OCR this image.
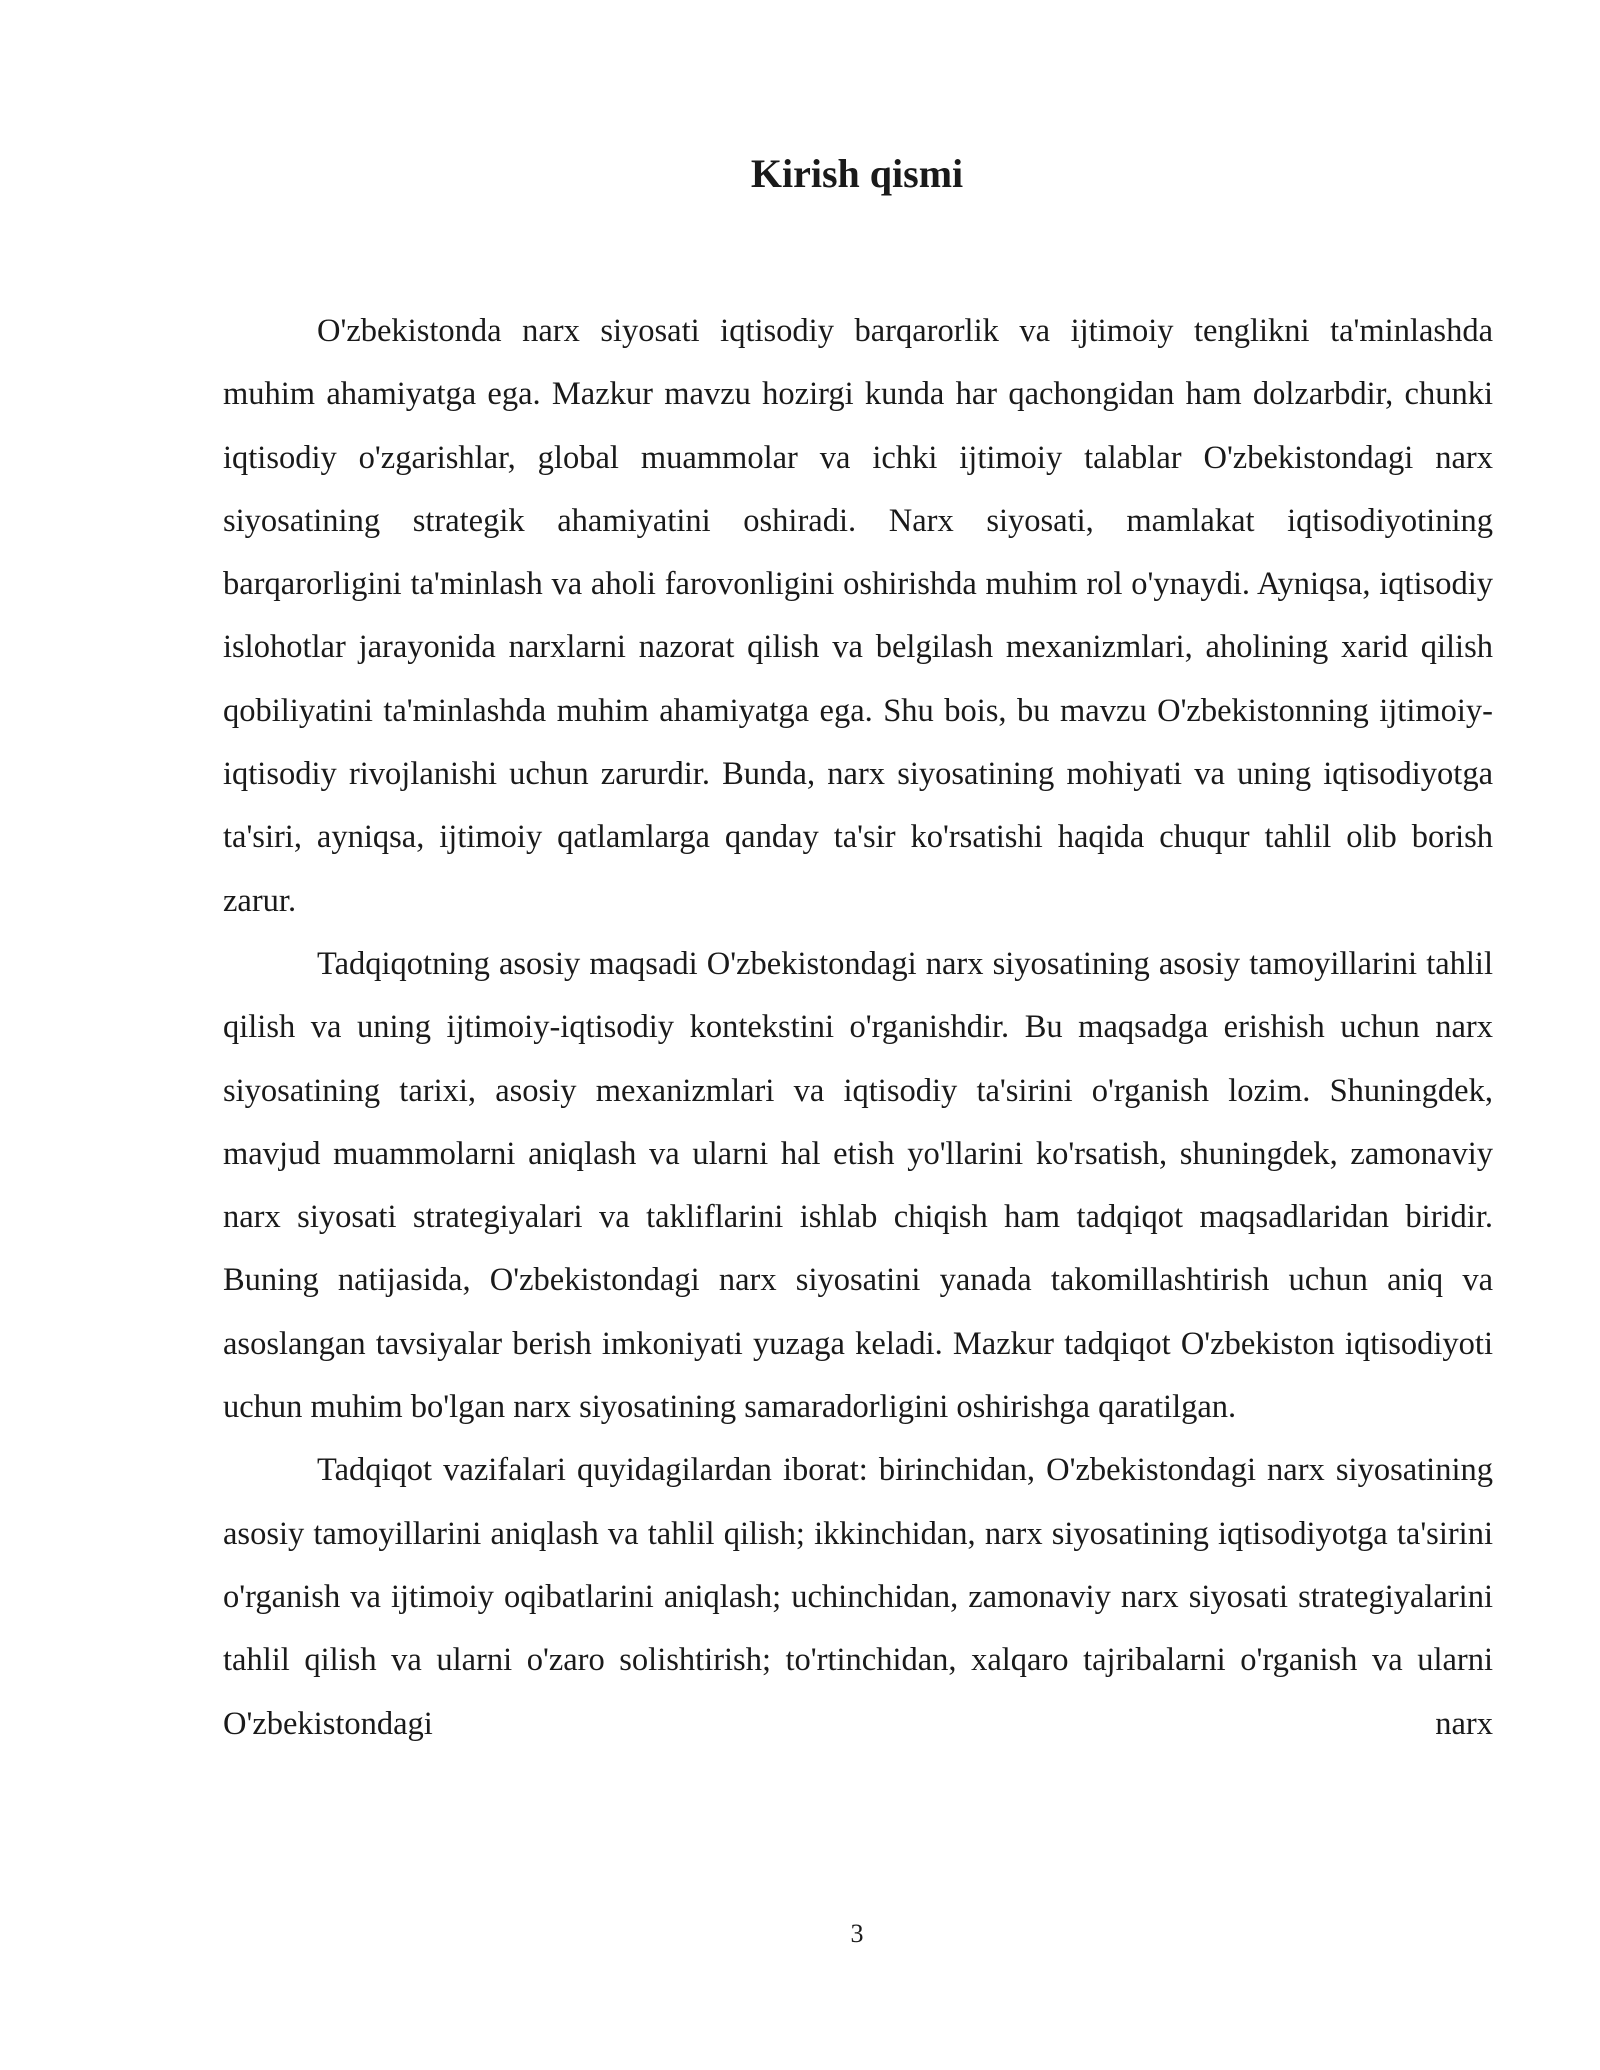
Kirish qismi

O'zbekistonda narx siyosati iqtisodiy barqarorlik va ijtimoiy tenglikni ta'minlashda muhim ahamiyatga ega. Mazkur mavzu hozirgi kunda har qachongidan ham dolzarbdir, chunki iqtisodiy o'zgarishlar, global muammolar va ichki ijtimoiy talablar O'zbekistondagi narx siyosatining strategik ahamiyatini oshiradi. Narx siyosati, mamlakat iqtisodiyotining barqarorligini ta'minlash va aholi farovonligini oshirishda muhim rol o'ynaydi. Ayniqsa, iqtisodiy islohotlar jarayonida narxlarni nazorat qilish va belgilash mexanizmlari, aholining xarid qilish qobiliyatini ta'minlashda muhim ahamiyatga ega. Shu bois, bu mavzu O'zbekistonning ijtimoiy-iqtisodiy rivojlanishi uchun zarurdir. Bunda, narx siyosatining mohiyati va uning iqtisodiyotga ta'siri, ayniqsa, ijtimoiy qatlamlarga qanday ta'sir ko'rsatishi haqida chuqur tahlil olib borish zarur.

Tadqiqotning asosiy maqsadi O'zbekistondagi narx siyosatining asosiy tamoyillarini tahlil qilish va uning ijtimoiy-iqtisodiy kontekstini o'rganishdir. Bu maqsadga erishish uchun narx siyosatining tarixi, asosiy mexanizmlari va iqtisodiy ta'sirini o'rganish lozim. Shuningdek, mavjud muammolarni aniqlash va ularni hal etish yo'llarini ko'rsatish, shuningdek, zamonaviy narx siyosati strategiyalari va takliflarini ishlab chiqish ham tadqiqot maqsadlaridan biridir. Buning natijasida, O'zbekistondagi narx siyosatini yanada takomillashtirish uchun aniq va asoslangan tavsiyalar berish imkoniyati yuzaga keladi. Mazkur tadqiqot O'zbekiston iqtisodiyoti uchun muhim bo'lgan narx siyosatining samaradorligini oshirishga qaratilgan.

Tadqiqot vazifalari quyidagilardan iborat: birinchidan, O'zbekistondagi narx siyosatining asosiy tamoyillarini aniqlash va tahlil qilish; ikkinchidan, narx siyosatining iqtisodiyotga ta'sirini o'rganish va ijtimoiy oqibatlarini aniqlash; uchinchidan, zamonaviy narx siyosati strategiyalarini tahlil qilish va ularni o'zaro solishtirish; to'rtinchidan, xalqaro tajribalarni o'rganish va ularni O'zbekistondagi narx

3
